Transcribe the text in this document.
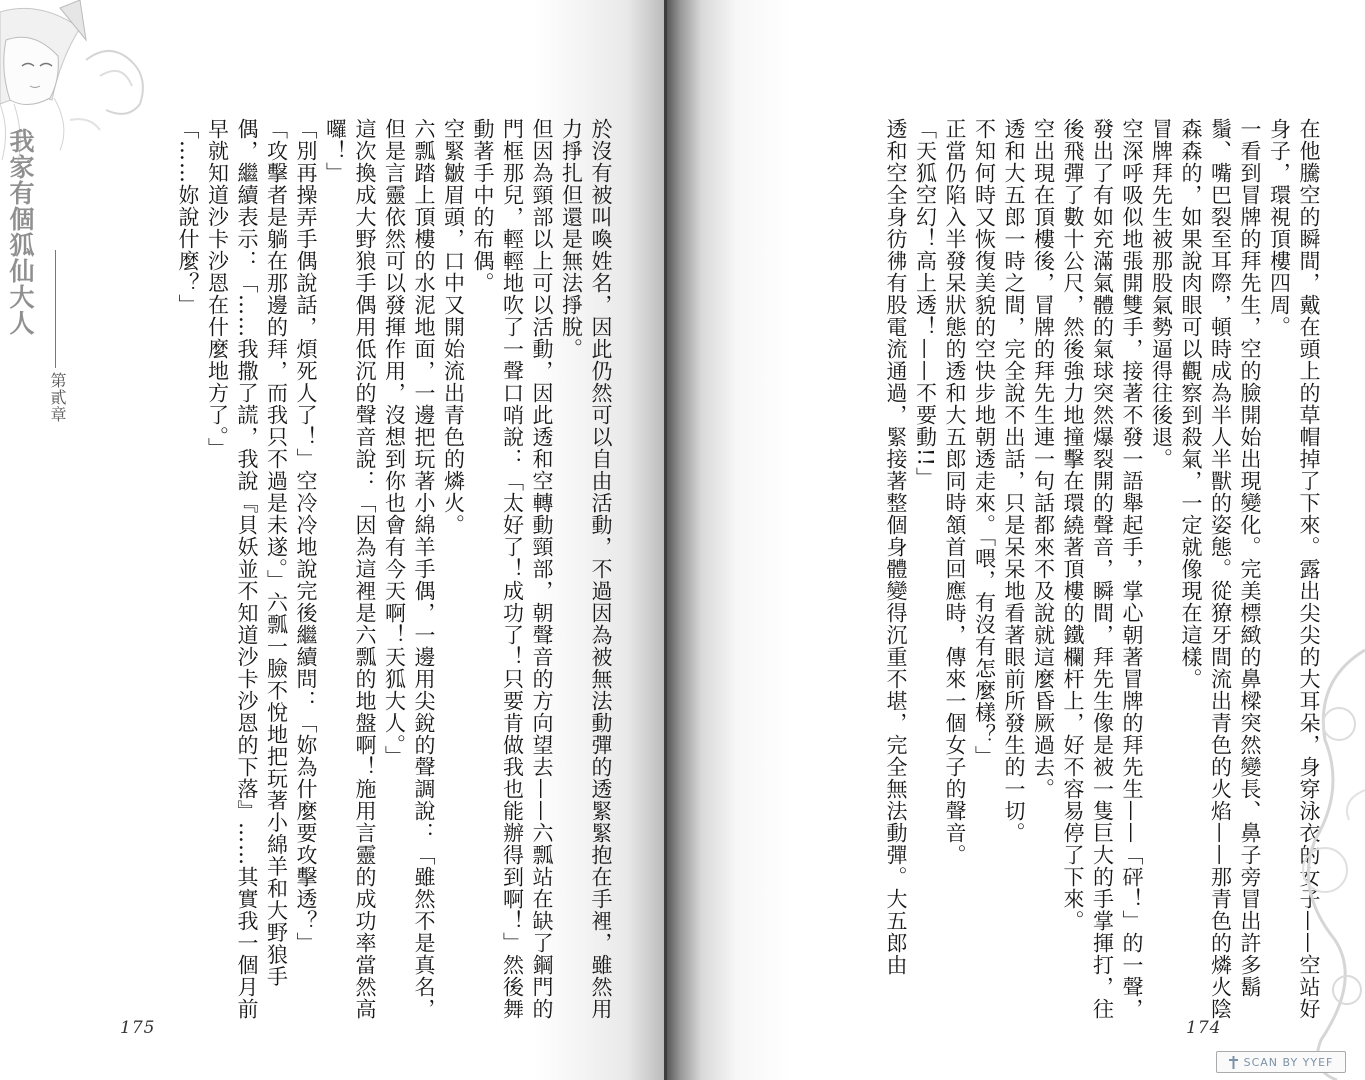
我家有個狐仙大人
第貳章	於沒有被叫喚姓名，因此仍然可以自由活動，不過因為被無法動彈的透緊緊抱在手裡，雖然用力掙扎但還是無法掙脫。

但因為頸部以上可以活動，因此透和空轉動頸部，朝聲音的方向望去——六瓢站在缺了鋼門的門框那兒，輕輕地吹了一聲口哨說：「太好了！成功了！只要肯做我也能辦得到啊！」然後舞動著手中的布偶。

空緊皺眉頭，口中又開始流出青色的燐火。

六瓢踏上頂樓的水泥地面，一邊把玩著小綿羊手偶，一邊用尖銳的聲調說：「雖然不是真名，但是言靈依然可以發揮作用，沒想到你也會有今天啊！天狐大人。」

這次換成大野狼手偶用低沉的聲音說：「因為這裡是六瓢的地盤啊！施用言靈的成功率當然高囉！」

「別再操弄手偶說話，煩死人了！」空冷冷地說完後繼續問：「妳為什麼要攻擊透？」

「攻擊者是躺在那邊的拜，而我只不過是未遂。」六瓢一臉不悅地把玩著小綿羊和大野狼手偶，繼續表示：「……我撒了謊，我說『貝妖並不知道沙卡沙恩的下落』……其實我一個月前早就知道沙卡沙恩在什麼地方了。」

「……妳說什麼？」

175

在他騰空的瞬間，戴在頭上的草帽掉了下來。露出尖尖的大耳朵，身穿泳衣的女子——空站好身子，環視頂樓四周。

一看到冒牌的拜先生，空的臉開始出現變化。完美標緻的鼻樑突然變長、鼻子旁冒出許多鬍鬚、嘴巴裂至耳際，頓時成為半人半獸的姿態。從獠牙間流出青色的火焰——那青色的燐火陰森森的，如果說肉眼可以觀察到殺氣，一定就像現在這樣。

冒牌拜先生被那股氣勢逼得往後退。

空深呼吸似地張開雙手，接著不發一語舉起手，掌心朝著冒牌的拜先生——「砰！」的一聲，發出了有如充滿氣體的氣球突然爆裂開的聲音，瞬間，拜先生像是被一隻巨大的手掌揮打，往後飛彈了數十公尺，然後強力地撞擊在環繞著頂樓的鐵欄杆上，好不容易停了下來。

空出現在頂樓後，冒牌的拜先生連一句話都來不及說就這麼昏厥過去。

透和大五郎一時之間，完全說不出話，只是呆呆地看著眼前所發生的一切。

不知何時又恢復美貌的空快步地朝透走來。「喂，有沒有怎麼樣？」

正當仍陷入半發呆狀態的透和大五郎同時頷首回應時，傳來一個女子的聲音。

「天狐空幻！高上透！——不要動!!」

透和空全身彷彿有股電流通過，緊接著整個身體變得沉重不堪，完全無法動彈。大五郎由

174
SCAN BY YYEF
